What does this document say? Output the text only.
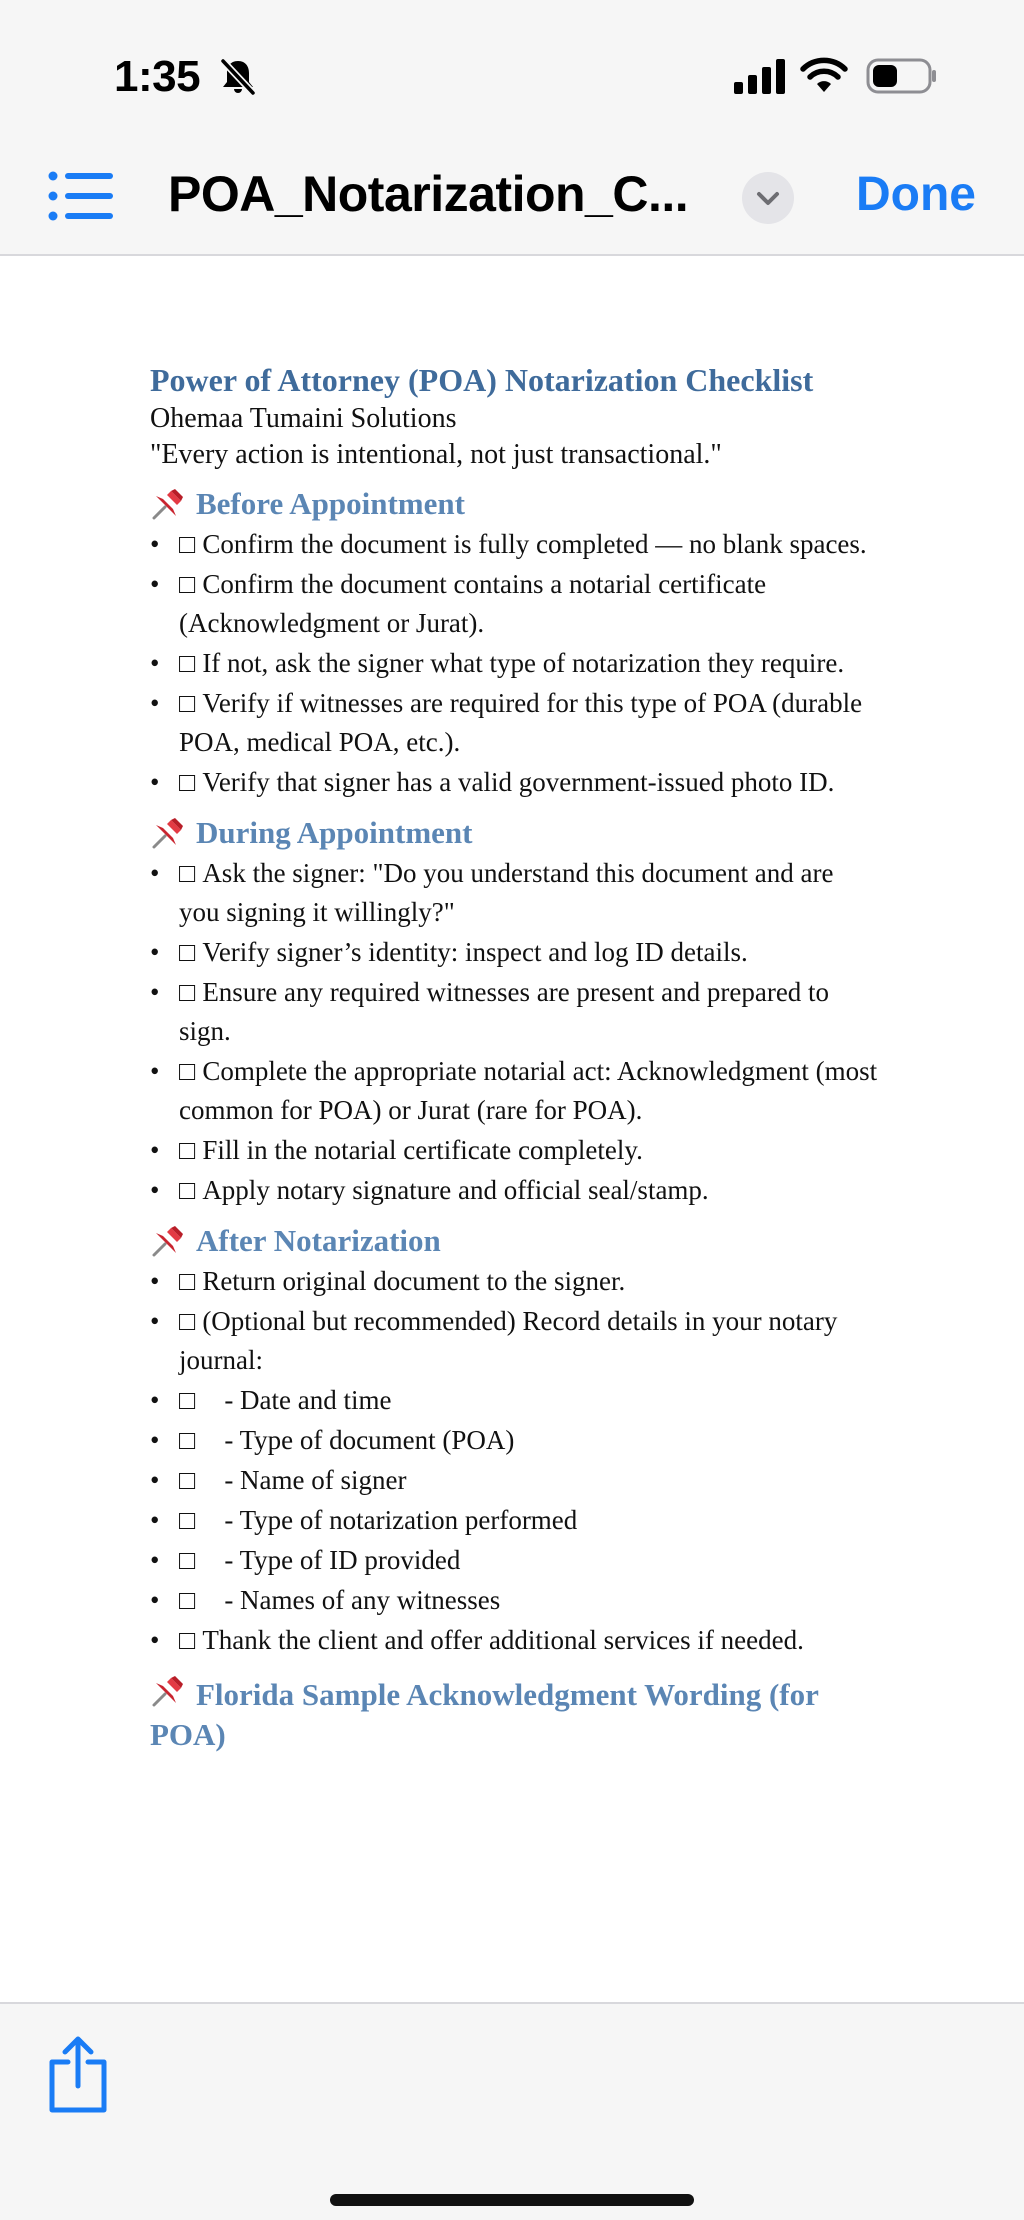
1:35
POA_Notarization_C...	Done
Power of Attorney (POA) Notarization Checklist
Ohemaa Tumaini Solutions
"Every action is intentional, not just transactional."
Before Appointment
• □ Confirm the document is fully completed — no blank spaces.
• □ Confirm the document contains a notarial certificate (Acknowledgment or Jurat).
• □ If not, ask the signer what type of notarization they require.
• □ Verify if witnesses are required for this type of POA (durable POA, medical POA, etc.).
• □ Verify that signer has a valid government-issued photo ID.
During Appointment
• □ Ask the signer: "Do you understand this document and are you signing it willingly?"
• □ Verify signer’s identity: inspect and log ID details.
• □ Ensure any required witnesses are present and prepared to sign.
• □ Complete the appropriate notarial act: Acknowledgment (most common for POA) or Jurat (rare for POA).
• □ Fill in the notarial certificate completely.
• □ Apply notary signature and official seal/stamp.
After Notarization
• □ Return original document to the signer.
• □ (Optional but recommended) Record details in your notary journal:
• □ - Date and time
• □ - Type of document (POA)
• □ - Name of signer
• □ - Type of notarization performed
• □ - Type of ID provided
• □ - Names of any witnesses
• □ Thank the client and offer additional services if needed.
Florida Sample Acknowledgment Wording (for POA)
